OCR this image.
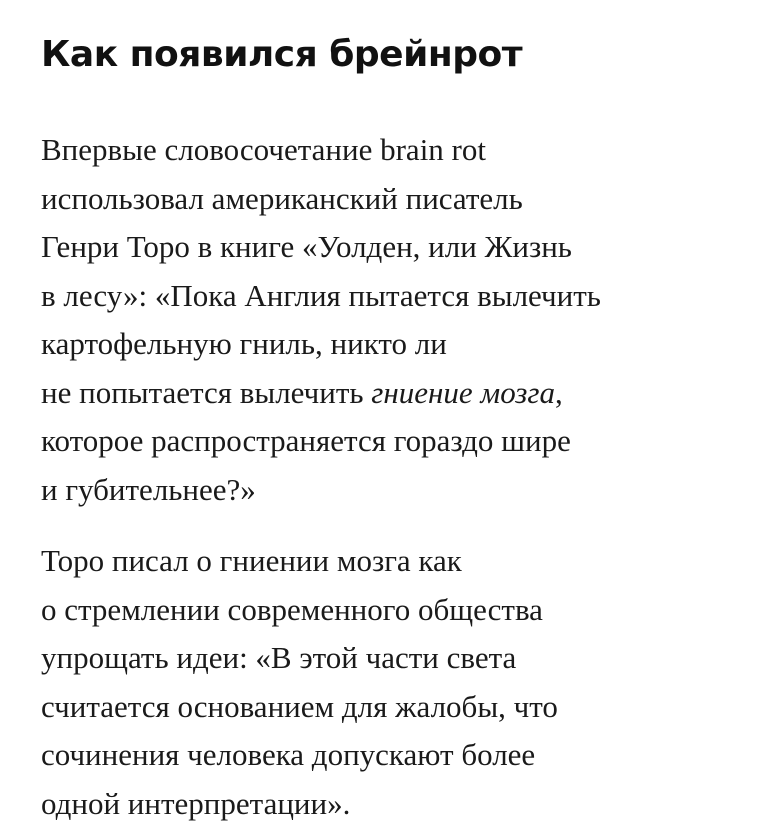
Как появился брейнрот

Впервые словосочетание brain rot
использовал американский писатель
Генри Торо в книге «Уолден, или Жизнь
в лесу»: «Пока Англия пытается вылечить
картофельную гниль, никто ли
не попытается вылечить гниение мозга,
которое распространяется гораздо шире
и губительнее?»

Торо писал о гниении мозга как
о стремлении современного общества
упрощать идеи: «В этой части света
считается основанием для жалобы, что
сочинения человека допускают более
одной интерпретации».
